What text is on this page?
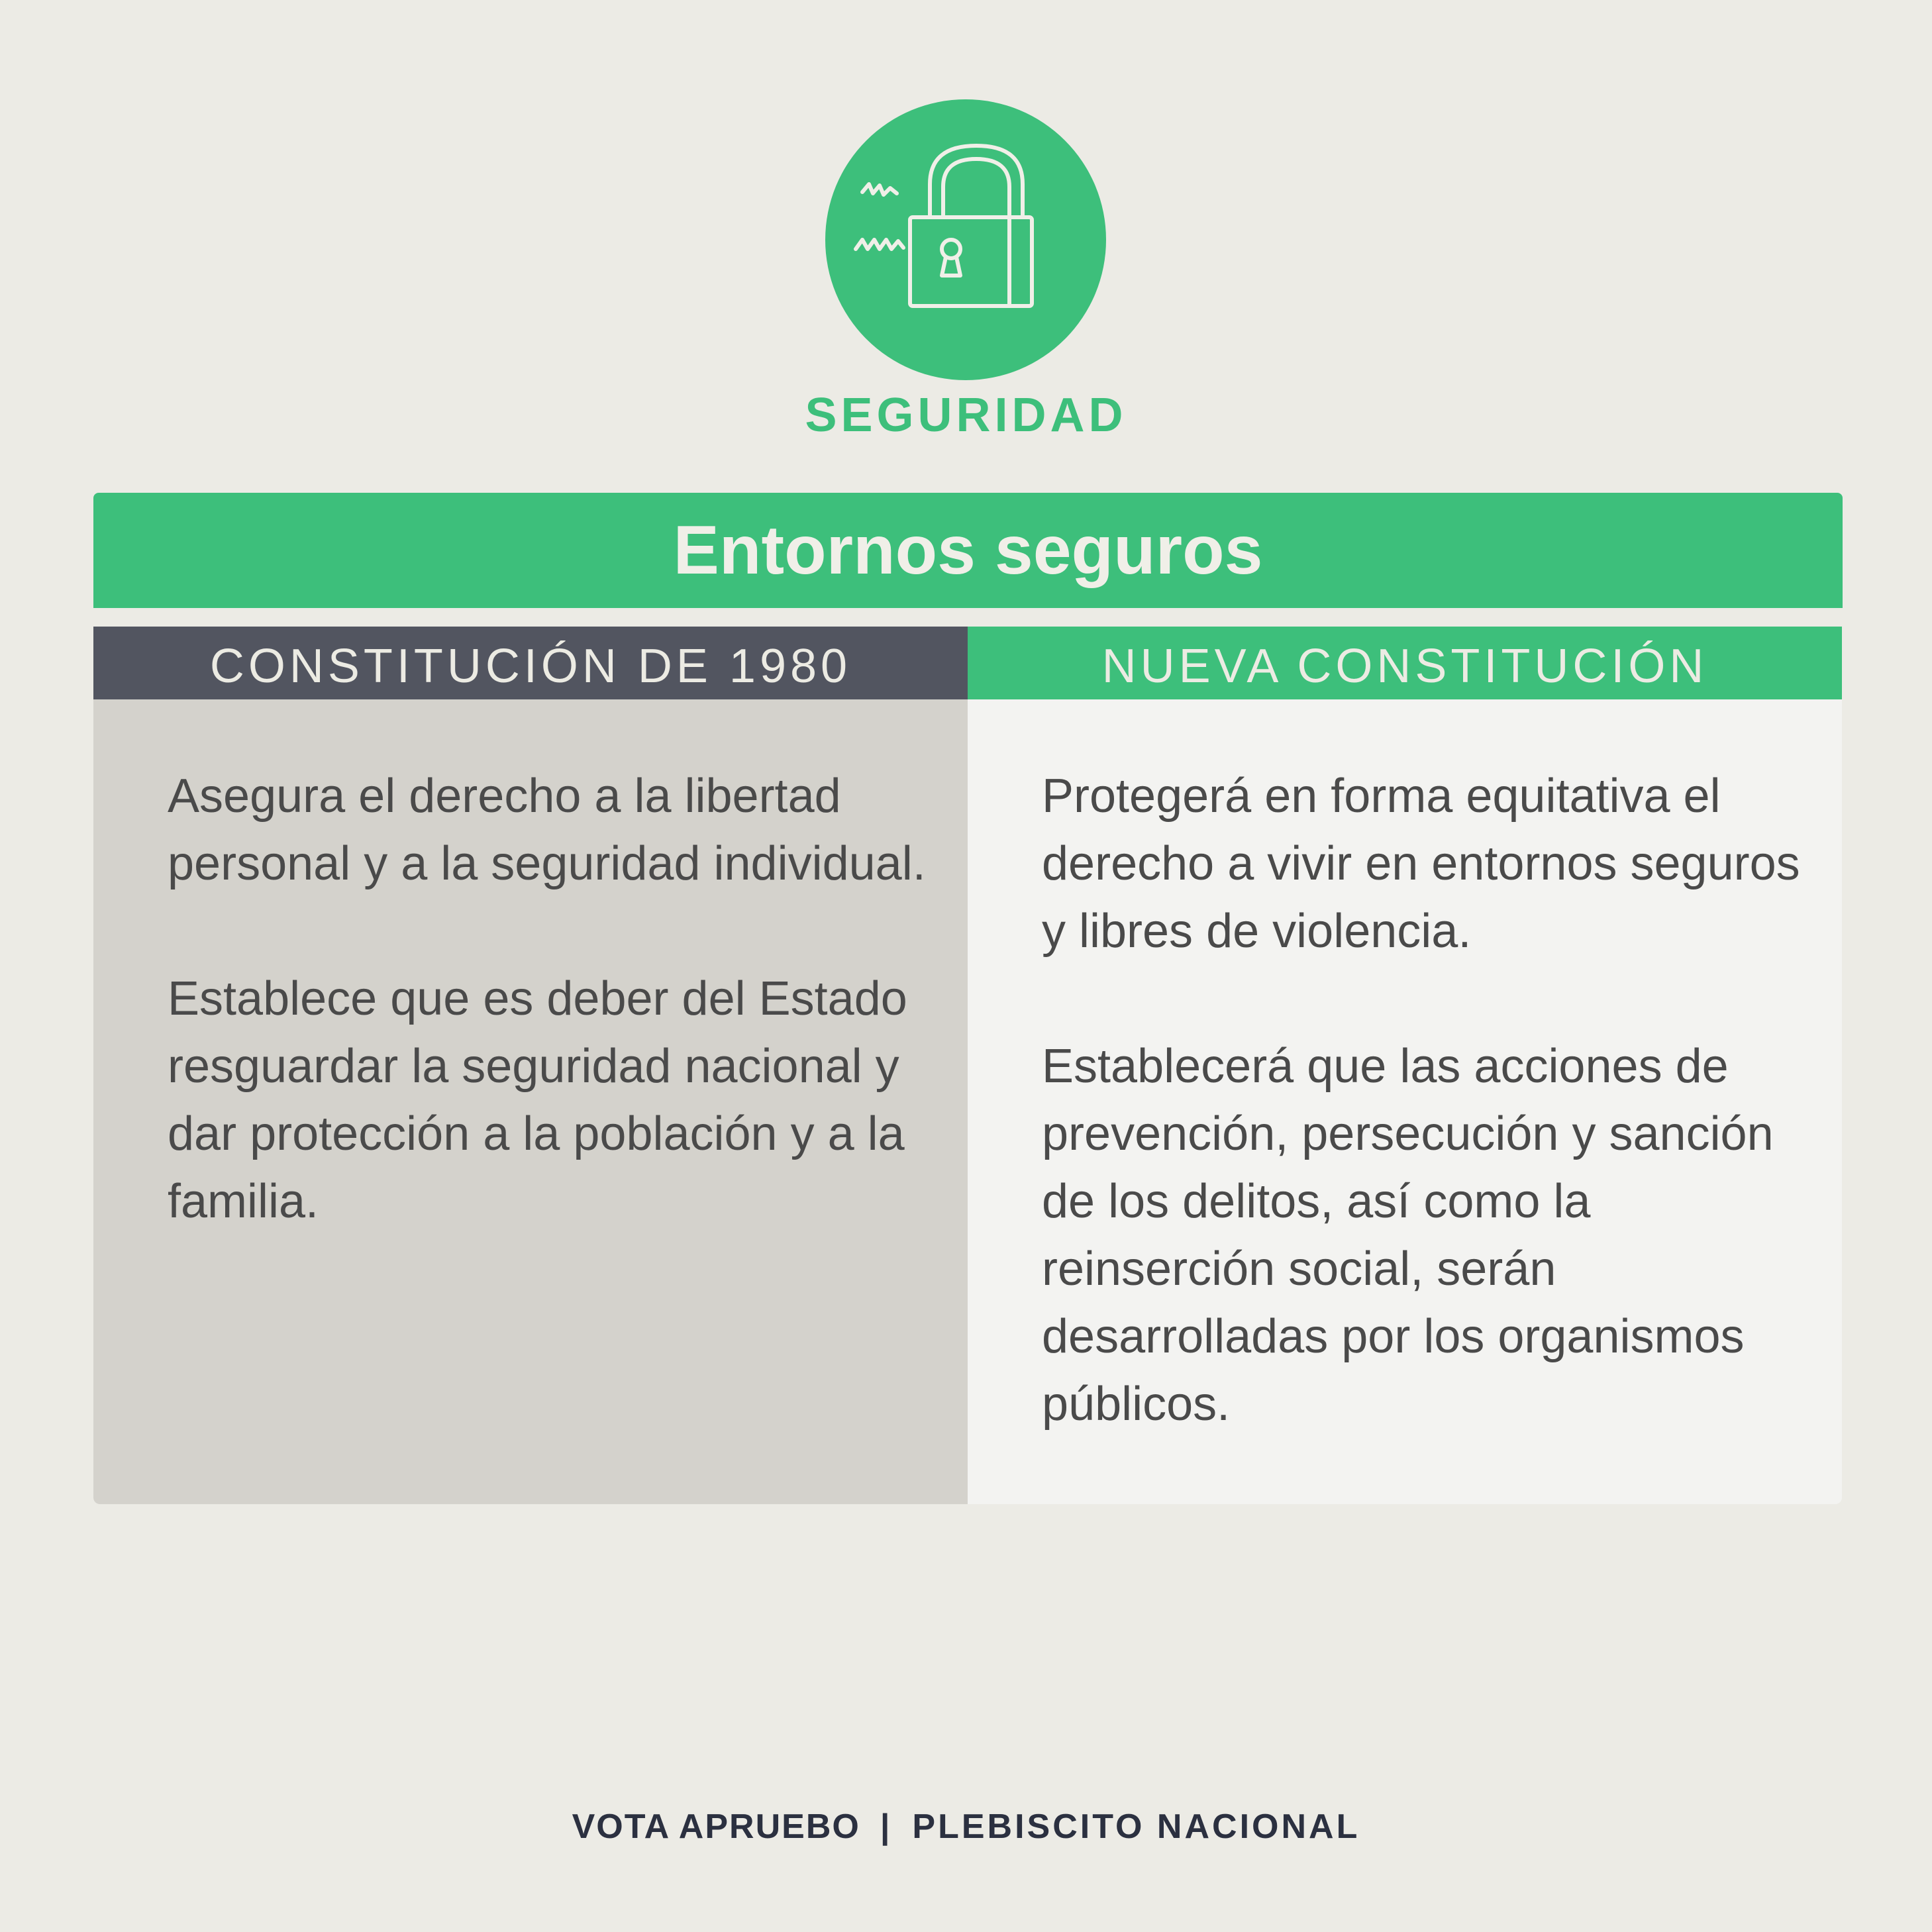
SEGURIDAD
Entornos seguros
CONSTITUCIÓN DE 1980	NUEVA CONSTITUCIÓN

Asegura el derecho a la libertad personal y a la seguridad individual.

Establece que es deber del Estado resguardar la seguridad nacional y dar protección a la población y a la familia.

Protegerá en forma equitativa el derecho a vivir en entornos seguros y libres de violencia.

Establecerá que las acciones de prevención, persecución y sanción de los delitos, así como la reinserción social, serán desarrolladas por los organismos públicos.

VOTA APRUEBO | PLEBISCITO NACIONAL
